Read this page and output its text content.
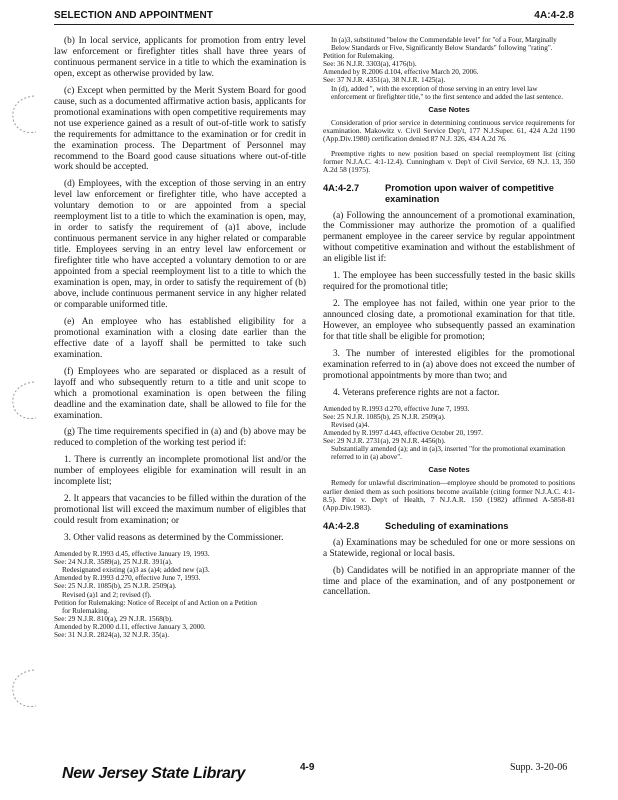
SELECTION AND APPOINTMENT	4A:4-2.8

(b) In local service, applicants for promotion from entry level law enforcement or firefighter titles shall have three years of continuous permanent service in a title to which the examination is open, except as otherwise provided by law.

(c) Except when permitted by the Merit System Board for good cause, such as a documented affirmative action basis, applicants for promotional examinations with open competitive requirements may not use experience gained as a result of out-of-title work to satisfy the requirements for admittance to the examination or for credit in the examination process. The Department of Personnel may recommend to the Board good cause situations where out-of-title work should be accepted.

(d) Employees, with the exception of those serving in an entry level law enforcement or firefighter title, who have accepted a voluntary demotion to or are appointed from a special reemployment list to a title to which the examination is open, may, in order to satisfy the requirement of (a)1 above, include continuous permanent service in any higher related or comparable title. Employees serving in an entry level law enforcement or firefighter title who have accepted a voluntary demotion to or are appointed from a special reemployment list to a title to which the examination is open, may, in order to satisfy the requirement of (b) above, include continuous permanent service in any higher related or comparable uniformed title.

(e) An employee who has established eligibility for a promotional examination with a closing date earlier than the effective date of a layoff shall be permitted to take such examination.

(f) Employees who are separated or displaced as a result of layoff and who subsequently return to a title and unit scope to which a promotional examination is open between the filing deadline and the examination date, shall be allowed to file for the examination.

(g) The time requirements specified in (a) and (b) above may be reduced to completion of the working test period if:

1. There is currently an incomplete promotional list and/or the number of employees eligible for examination will result in an incomplete list;

2. It appears that vacancies to be filled within the duration of the promotional list will exceed the maximum number of eligibles that could result from examination; or

3. Other valid reasons as determined by the Commissioner.

Amended by R.1993 d.45, effective January 19, 1993.
See: 24 N.J.R. 3589(a), 25 N.J.R. 391(a).
Redesignated existing (a)3 as (a)4; added new (a)3.
Amended by R.1993 d.270, effective June 7, 1993.
See: 25 N.J.R. 1085(b), 25 N.J.R. 2509(a).
Revised (a)1 and 2; revised (f).
Petition for Rulemaking: Notice of Receipt of and Action on a Petition
for Rulemaking.
See: 29 N.J.R. 810(a), 29 N.J.R. 1568(b).
Amended by R.2000 d.11, effective January 3, 2000.
See: 31 N.J.R. 2824(a), 32 N.J.R. 35(a).
In (a)3, substituted "below the Commendable level" for "of a Four, Marginally Below Standards or Five, Significantly Below Standards" following "rating".
Petition for Rulemaking.
See: 36 N.J.R. 3303(a), 4176(b).
Amended by R.2006 d.104, effective March 20, 2006.
See: 37 N.J.R. 4351(a), 38 N.J.R. 1425(a).
In (d), added ", with the exception of those serving in an entry level law enforcement or firefighter title," to the first sentence and added the last sentence.
Case Notes

Consideration of prior service in determining continuous service requirements for examination. Makowitz v. Civil Service Dep't, 177 N.J.Super. 61, 424 A.2d 1190 (App.Div.1980) certification denied 87 N.J. 326, 434 A.2d 76.

Preemptive rights to new position based on special reemployment list (citing former N.J.A.C. 4:1-12.4). Cunningham v. Dep't of Civil Service, 69 N.J. 13, 350 A.2d 58 (1975).

4A:4-2.7	Promotion upon waiver of competitive examination

(a) Following the announcement of a promotional examination, the Commissioner may authorize the promotion of a qualified permanent employee in the career service by regular appointment without competitive examination and without the establishment of an eligible list if:

1. The employee has been successfully tested in the basic skills required for the promotional title;

2. The employee has not failed, within one year prior to the announced closing date, a promotional examination for that title. However, an employee who subsequently passed an examination for that title shall be eligible for promotion;

3. The number of interested eligibles for the promotional examination referred to in (a) above does not exceed the number of promotional appointments by more than two; and

4. Veterans preference rights are not a factor.

Amended by R.1993 d.270, effective June 7, 1993.
See: 25 N.J.R. 1085(b), 25 N.J.R. 2509(a).
Revised (a)4.
Amended by R.1997 d.443, effective October 20, 1997.
See: 29 N.J.R. 2731(a), 29 N.J.R. 4456(b).
Substantially amended (a); and in (a)3, inserted "for the promotional examination referred to in (a) above".
Case Notes

Remedy for unlawful discrimination—employee should be promoted to positions earlier denied them as such positions become available (citing former N.J.A.C. 4:1-8.5). Pilot v. Dep't of Health, 7 N.J.A.R. 150 (1982) affirmed A-5858-81 (App.Div.1983).

4A:4-2.8	Scheduling of examinations

(a) Examinations may be scheduled for one or more sessions on a Statewide, regional or local basis.

(b) Candidates will be notified in an appropriate manner of the time and place of the examination, and of any postponement or cancellation.

New Jersey State Library	4-9	Supp. 3-20-06
